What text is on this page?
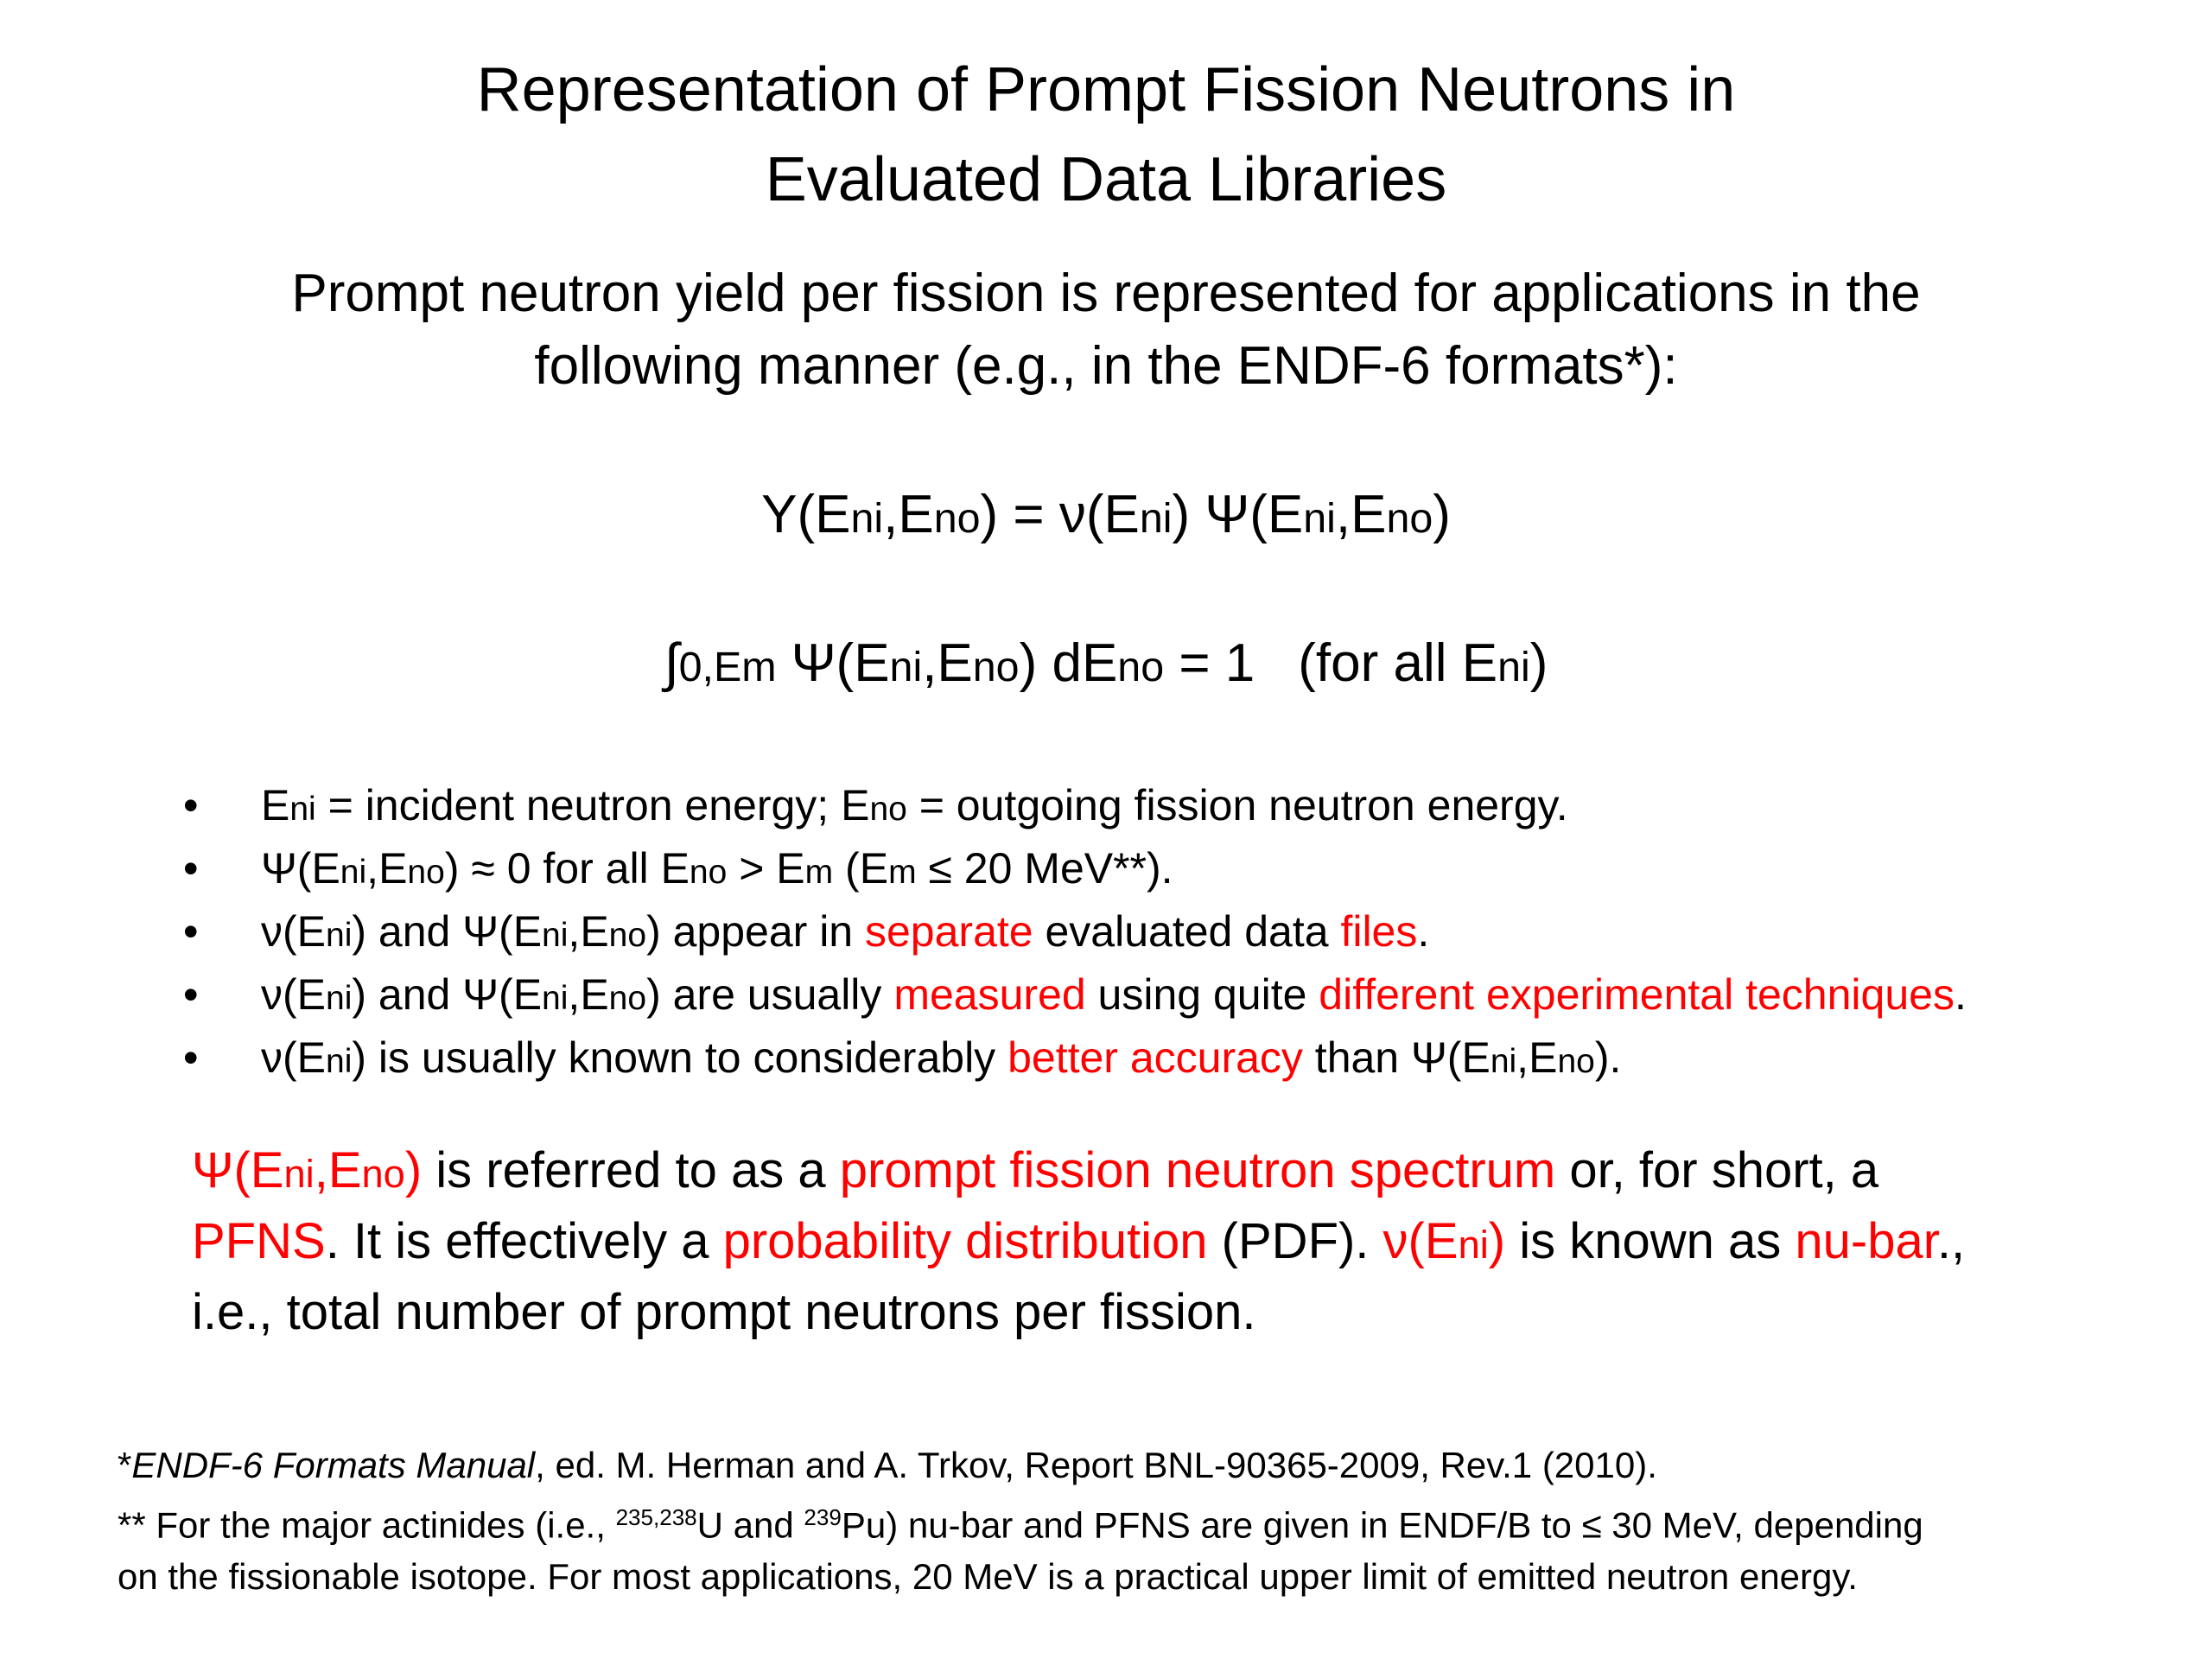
Representation of Prompt Fission Neutrons in
Evaluated Data Libraries
Prompt neutron yield per fission is represented for applications in the
following manner (e.g., in the ENDF-6 formats*):
Y(Eni,Eno) = ν(Eni) Ψ(Eni,Eno)
∫0,Em Ψ(Eni,Eno) dEno = 1 (for all Eni)
• Eni = incident neutron energy; Eno = outgoing fission neutron energy.
• Ψ(Eni,Eno) ≈ 0 for all Eno > Em (Em ≤ 20 MeV**).
• ν(Eni) and Ψ(Eni,Eno) appear in separate evaluated data files.
• ν(Eni) and Ψ(Eni,Eno) are usually measured using quite different experimental techniques.
• ν(Eni) is usually known to considerably better accuracy than Ψ(Eni,Eno).
Ψ(Eni,Eno) is referred to as a prompt fission neutron spectrum or, for short, a
PFNS. It is effectively a probability distribution (PDF). ν(Eni) is known as nu-bar.,
i.e., total number of prompt neutrons per fission.
*ENDF-6 Formats Manual, ed. M. Herman and A. Trkov, Report BNL-90365-2009, Rev.1 (2010).
** For the major actinides (i.e., $^{235,238}$U and $^{239}$Pu) nu-bar and PFNS are given in ENDF/B to ≤ 30 MeV, depending
on the fissionable isotope. For most applications, 20 MeV is a practical upper limit of emitted neutron energy.
